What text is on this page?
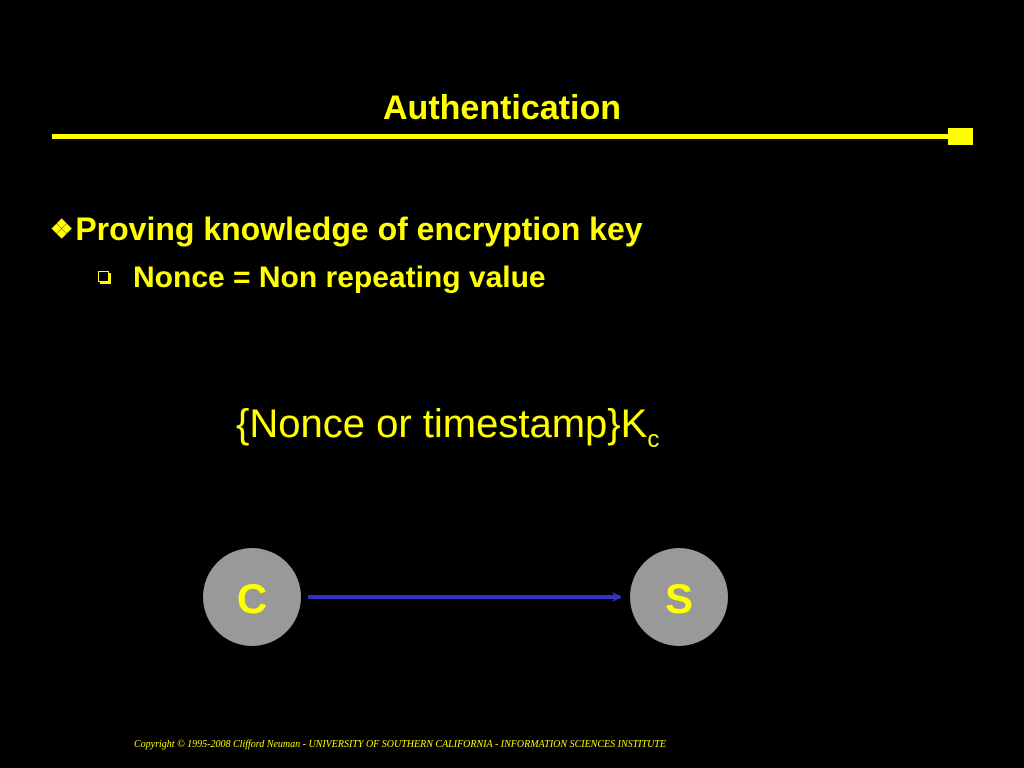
Authentication
❖Proving knowledge of encryption key
Nonce = Non repeating value
{Nonce or $timestamp\}K_c$
C	S
Copyright © 1995-2008 Clifford Neuman - UNIVERSITY OF SOUTHERN CALIFORNIA - INFORMATION SCIENCES INSTITUTE
